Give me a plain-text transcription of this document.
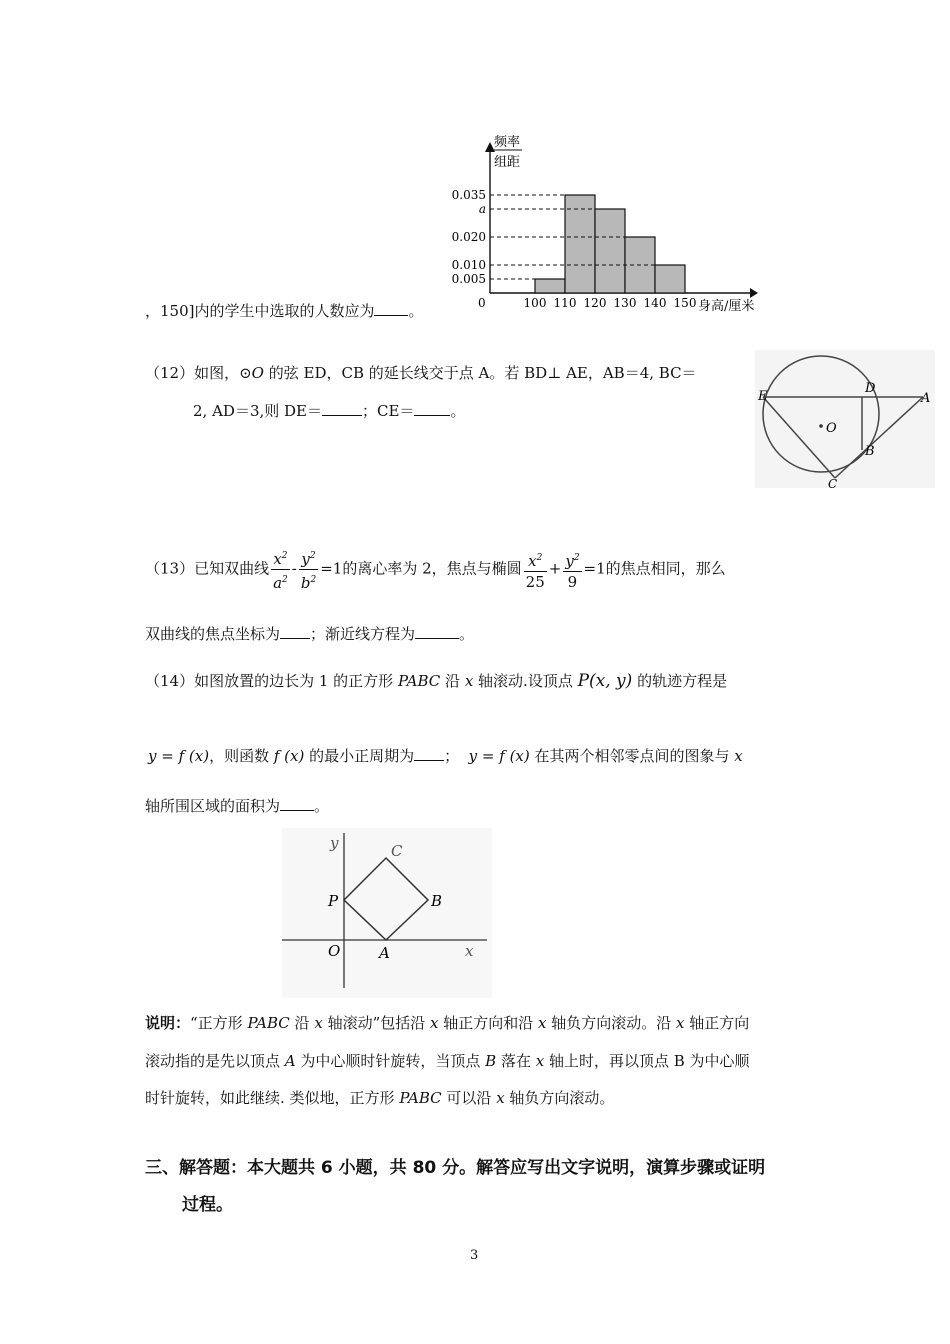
0.035
a
0.020
0.010
0.005
0	100 110 120 130 140 150 身高/厘米
频率
组距
，150]内的学生中选取的人数应为 。
（12）如图，⊙O 的弦 ED，CB 的延长线交于点 A。若 BD⊥ AE，AB＝4, BC＝
2, AD＝3,则 DE＝	；CE＝ 。
E
D
A
O
B
C
（13）已知双曲线 $\frac{x^2}{a^2} - \frac{y^2}{b^2} =1$的离心率为 2，焦点与椭圆 $\frac{x^2}{25} + \frac{y^2}{9} =1$的焦点相同，那么
双曲线的焦点坐标为 ；渐近线方程为	。
（14）如图放置的边长为 1 的正方形 PABC 沿 x 轴滚动.设顶点 P(x, y) 的轨迹方程是
y = f (x)，则函数 f (x) 的最小正周期为 ； y = f (x) 在其两个相邻零点间的图象与 x
轴所围区域的面积为 。
y	C
P	B
O	A	x
说明：“正方形 PABC 沿 x 轴滚动”包括沿 x 轴正方向和沿 x 轴负方向滚动。沿 x 轴正方向
滚动指的是先以顶点 A 为中心顺时针旋转，当顶点 B 落在 x 轴上时，再以顶点 B 为中心顺
时针旋转，如此继续. 类似地，正方形 PABC 可以沿 x 轴负方向滚动。
三、解答题：本大题共 6 小题，共 80 分。解答应写出文字说明，演算步骤或证明
过程。
3
